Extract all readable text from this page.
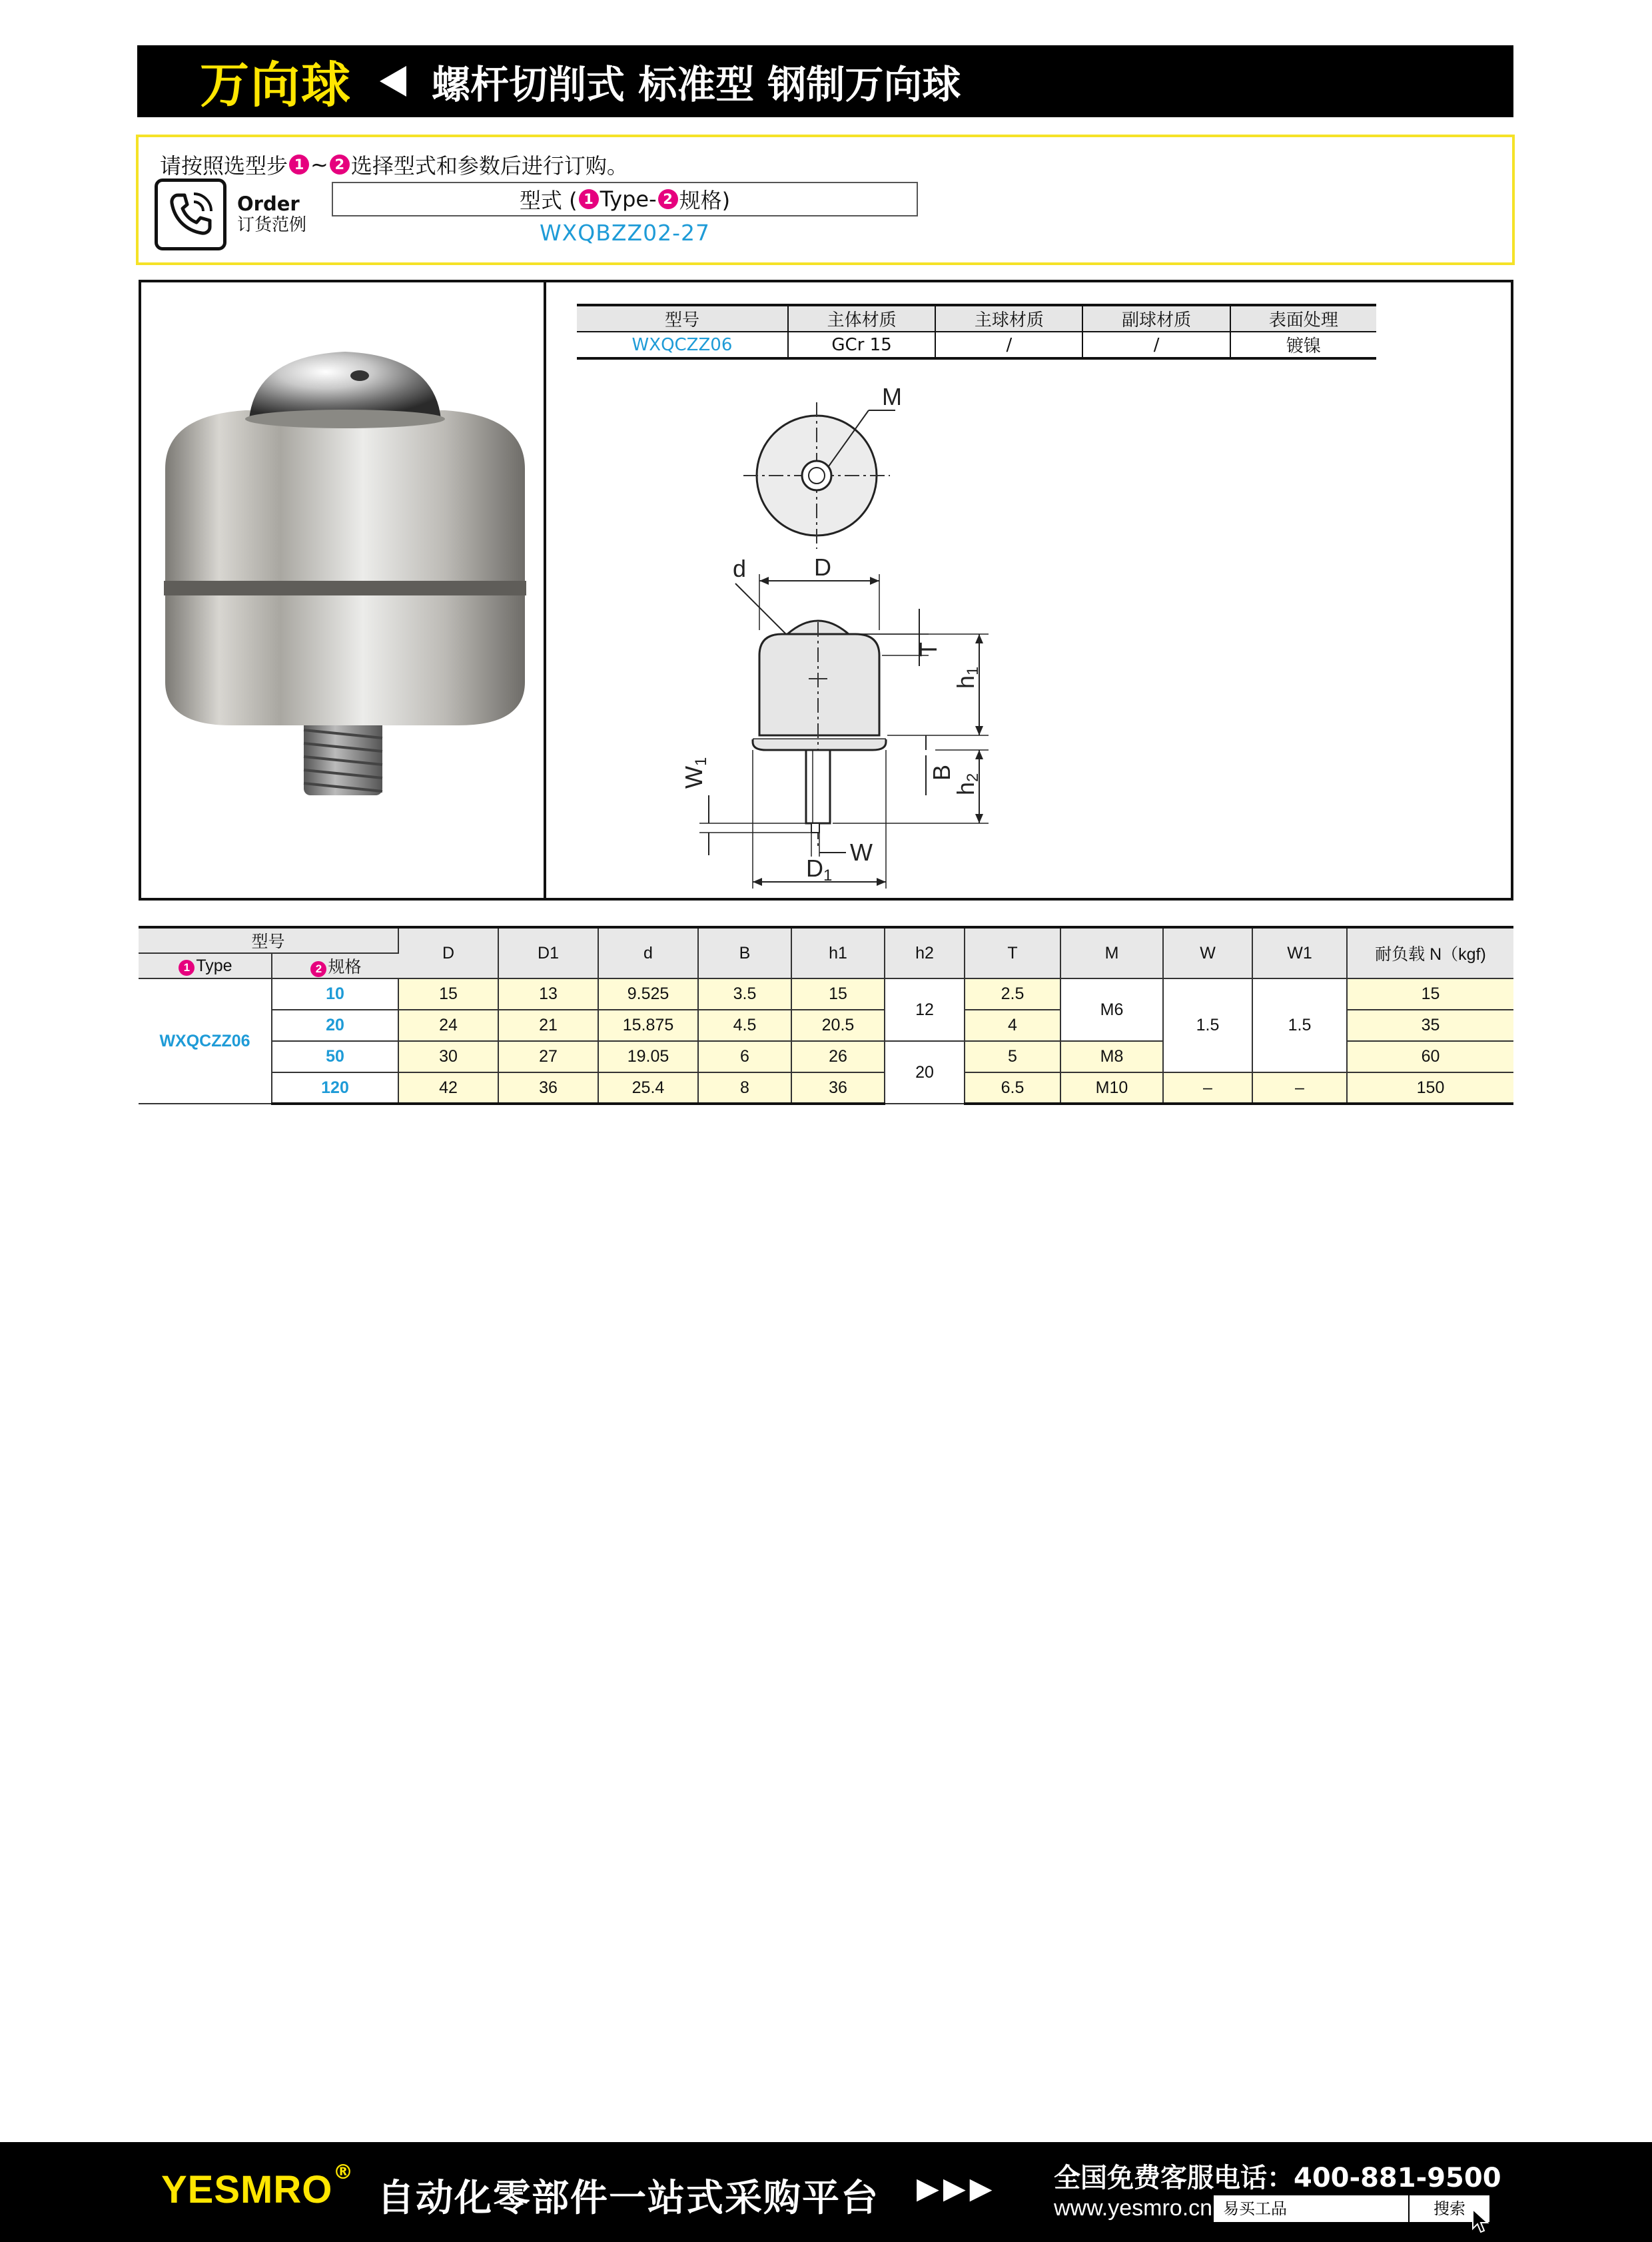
万向球 螺杆切削式 标准型 钢制万向球
请按照选型步 1 ~ 2 选择型式和参数后进行订购。
Order
订货范例
型式 ( 1 Type- 2 规格)
WXQBZZ02-27
型号	主体材质	主球材质	副球材质	表面处理
WXQCZZ06	GCr 15	/	/	镀镍
M
D
d
T
h1
B
h2
W1
W
D1
型号		D	D1	d	B	h1	h2	T	M	W	W1	耐负载 N（kgf)
1 Type	2 规格											
WXQCZZ06	10	15	13	9.525	3.5	15	12	2.5	M6	1.5	1.5	15
	20	24	21	15.875	4.5	20.5		4				35
	50	30	27	19.05	6	26	20	5	M8			60
	120	42	36	25.4	8	36		6.5	M10	–	–	150
YESMRO ®
自动化零部件一站式采购平台 ▶▶▶ 全国免费客服电话：400-881-9500
www.yesmro.cn 易买工品	搜索
